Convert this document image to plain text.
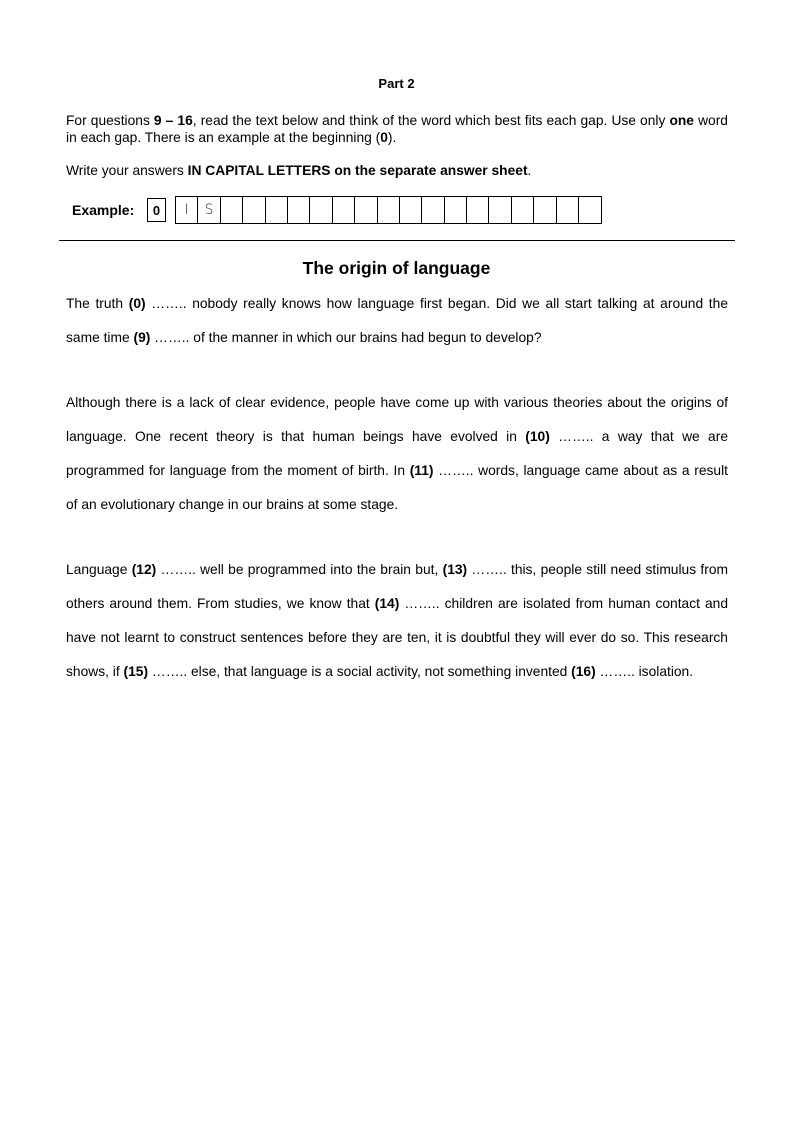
Part 2
For questions 9 – 16, read the text below and think of the word which best fits each gap. Use only one word in each gap. There is an example at the beginning (0).
Write your answers IN CAPITAL LETTERS on the separate answer sheet.
Example:	0	I	S
The origin of language
The truth (0) …….. nobody really knows how language first began. Did we all start talking at around the same time (9) …….. of the manner in which our brains had begun to develop?
Although there is a lack of clear evidence, people have come up with various theories about the origins of language. One recent theory is that human beings have evolved in (10) …….. a way that we are programmed for language from the moment of birth. In (11) …….. words, language came about as a result of an evolutionary change in our brains at some stage.
Language (12) …….. well be programmed into the brain but, (13) …….. this, people still need stimulus from others around them. From studies, we know that (14) …….. children are isolated from human contact and have not learnt to construct sentences before they are ten, it is doubtful they will ever do so. This research shows, if (15) …….. else, that language is a social activity, not something invented (16) …….. isolation.
